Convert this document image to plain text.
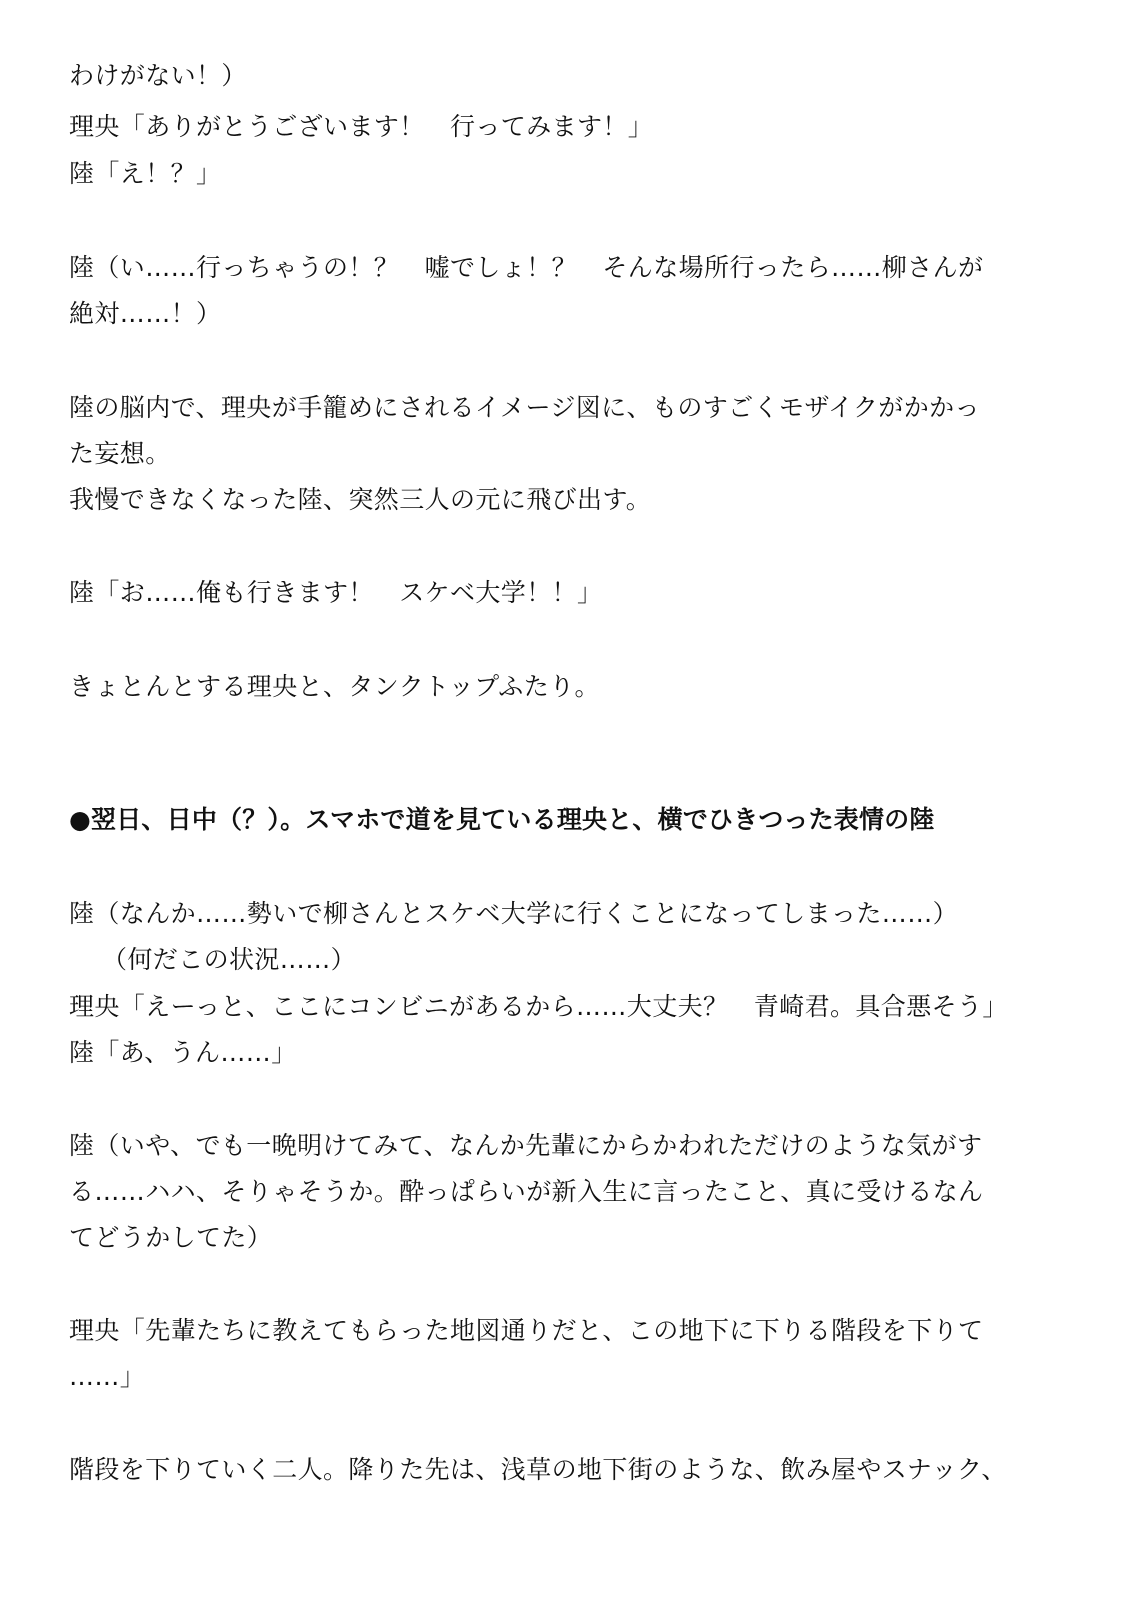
わけがない！）

理央「ありがとうございます！　行ってみます！」

陸「え！？」

陸（い……行っちゃうの！？　嘘でしょ！？　そんな場所行ったら……柳さんが

絶対……！）

陸の脳内で、理央が手籠めにされるイメージ図に、ものすごくモザイクがかかっ

た妄想。

我慢できなくなった陸、突然三人の元に飛び出す。

陸「お……俺も行きます！　スケベ大学！！」

きょとんとする理央と、タンクトップふたり。

●翌日、日中（？）。スマホで道を見ている理央と、横でひきつった表情の陸

陸（なんか……勢いで柳さんとスケベ大学に行くことになってしまった……）

（何だこの状況……）

理央「えーっと、ここにコンビニがあるから……大丈夫？　青崎君。具合悪そう」

陸「あ、うん……」

陸（いや、でも一晩明けてみて、なんか先輩にからかわれただけのような気がす

る……ハハ、そりゃそうか。酔っぱらいが新入生に言ったこと、真に受けるなん

てどうかしてた）

理央「先輩たちに教えてもらった地図通りだと、この地下に下りる階段を下りて

……」

階段を下りていく二人。降りた先は、浅草の地下街のような、飲み屋やスナック、
